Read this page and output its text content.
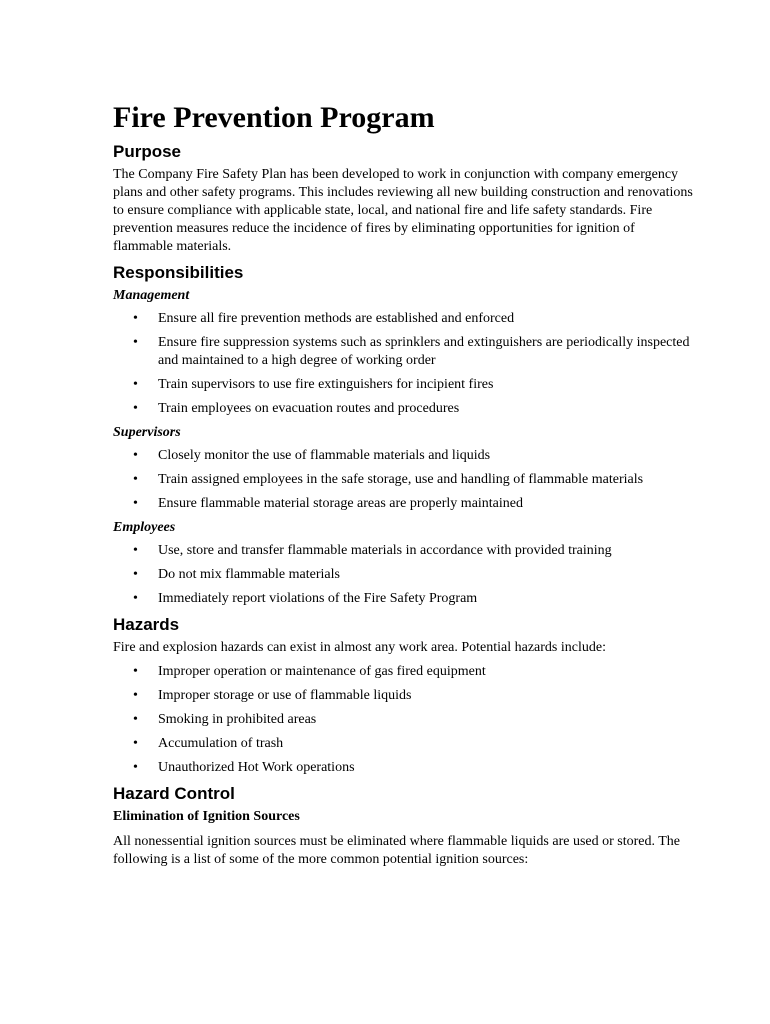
Fire Prevention Program
Purpose

The Company Fire Safety Plan has been developed to work in conjunction with company emergency plans and other safety programs. This includes reviewing all new building construction and renovations to ensure compliance with applicable state, local, and national fire and life safety standards. Fire prevention measures reduce the incidence of fires by eliminating opportunities for ignition of flammable materials.

Responsibilities
Management
• Ensure all fire prevention methods are established and enforced
• Ensure fire suppression systems such as sprinklers and extinguishers are periodically inspected and maintained to a high degree of working order
• Train supervisors to use fire extinguishers for incipient fires
• Train employees on evacuation routes and procedures
Supervisors
• Closely monitor the use of flammable materials and liquids
• Train assigned employees in the safe storage, use and handling of flammable materials
• Ensure flammable material storage areas are properly maintained
Employees
• Use, store and transfer flammable materials in accordance with provided training
• Do not mix flammable materials
• Immediately report violations of the Fire Safety Program
Hazards

Fire and explosion hazards can exist in almost any work area. Potential hazards include:

• Improper operation or maintenance of gas fired equipment
• Improper storage or use of flammable liquids
• Smoking in prohibited areas
• Accumulation of trash
• Unauthorized Hot Work operations
Hazard Control
Elimination of Ignition Sources

All nonessential ignition sources must be eliminated where flammable liquids are used or stored. The following is a list of some of the more common potential ignition sources:
